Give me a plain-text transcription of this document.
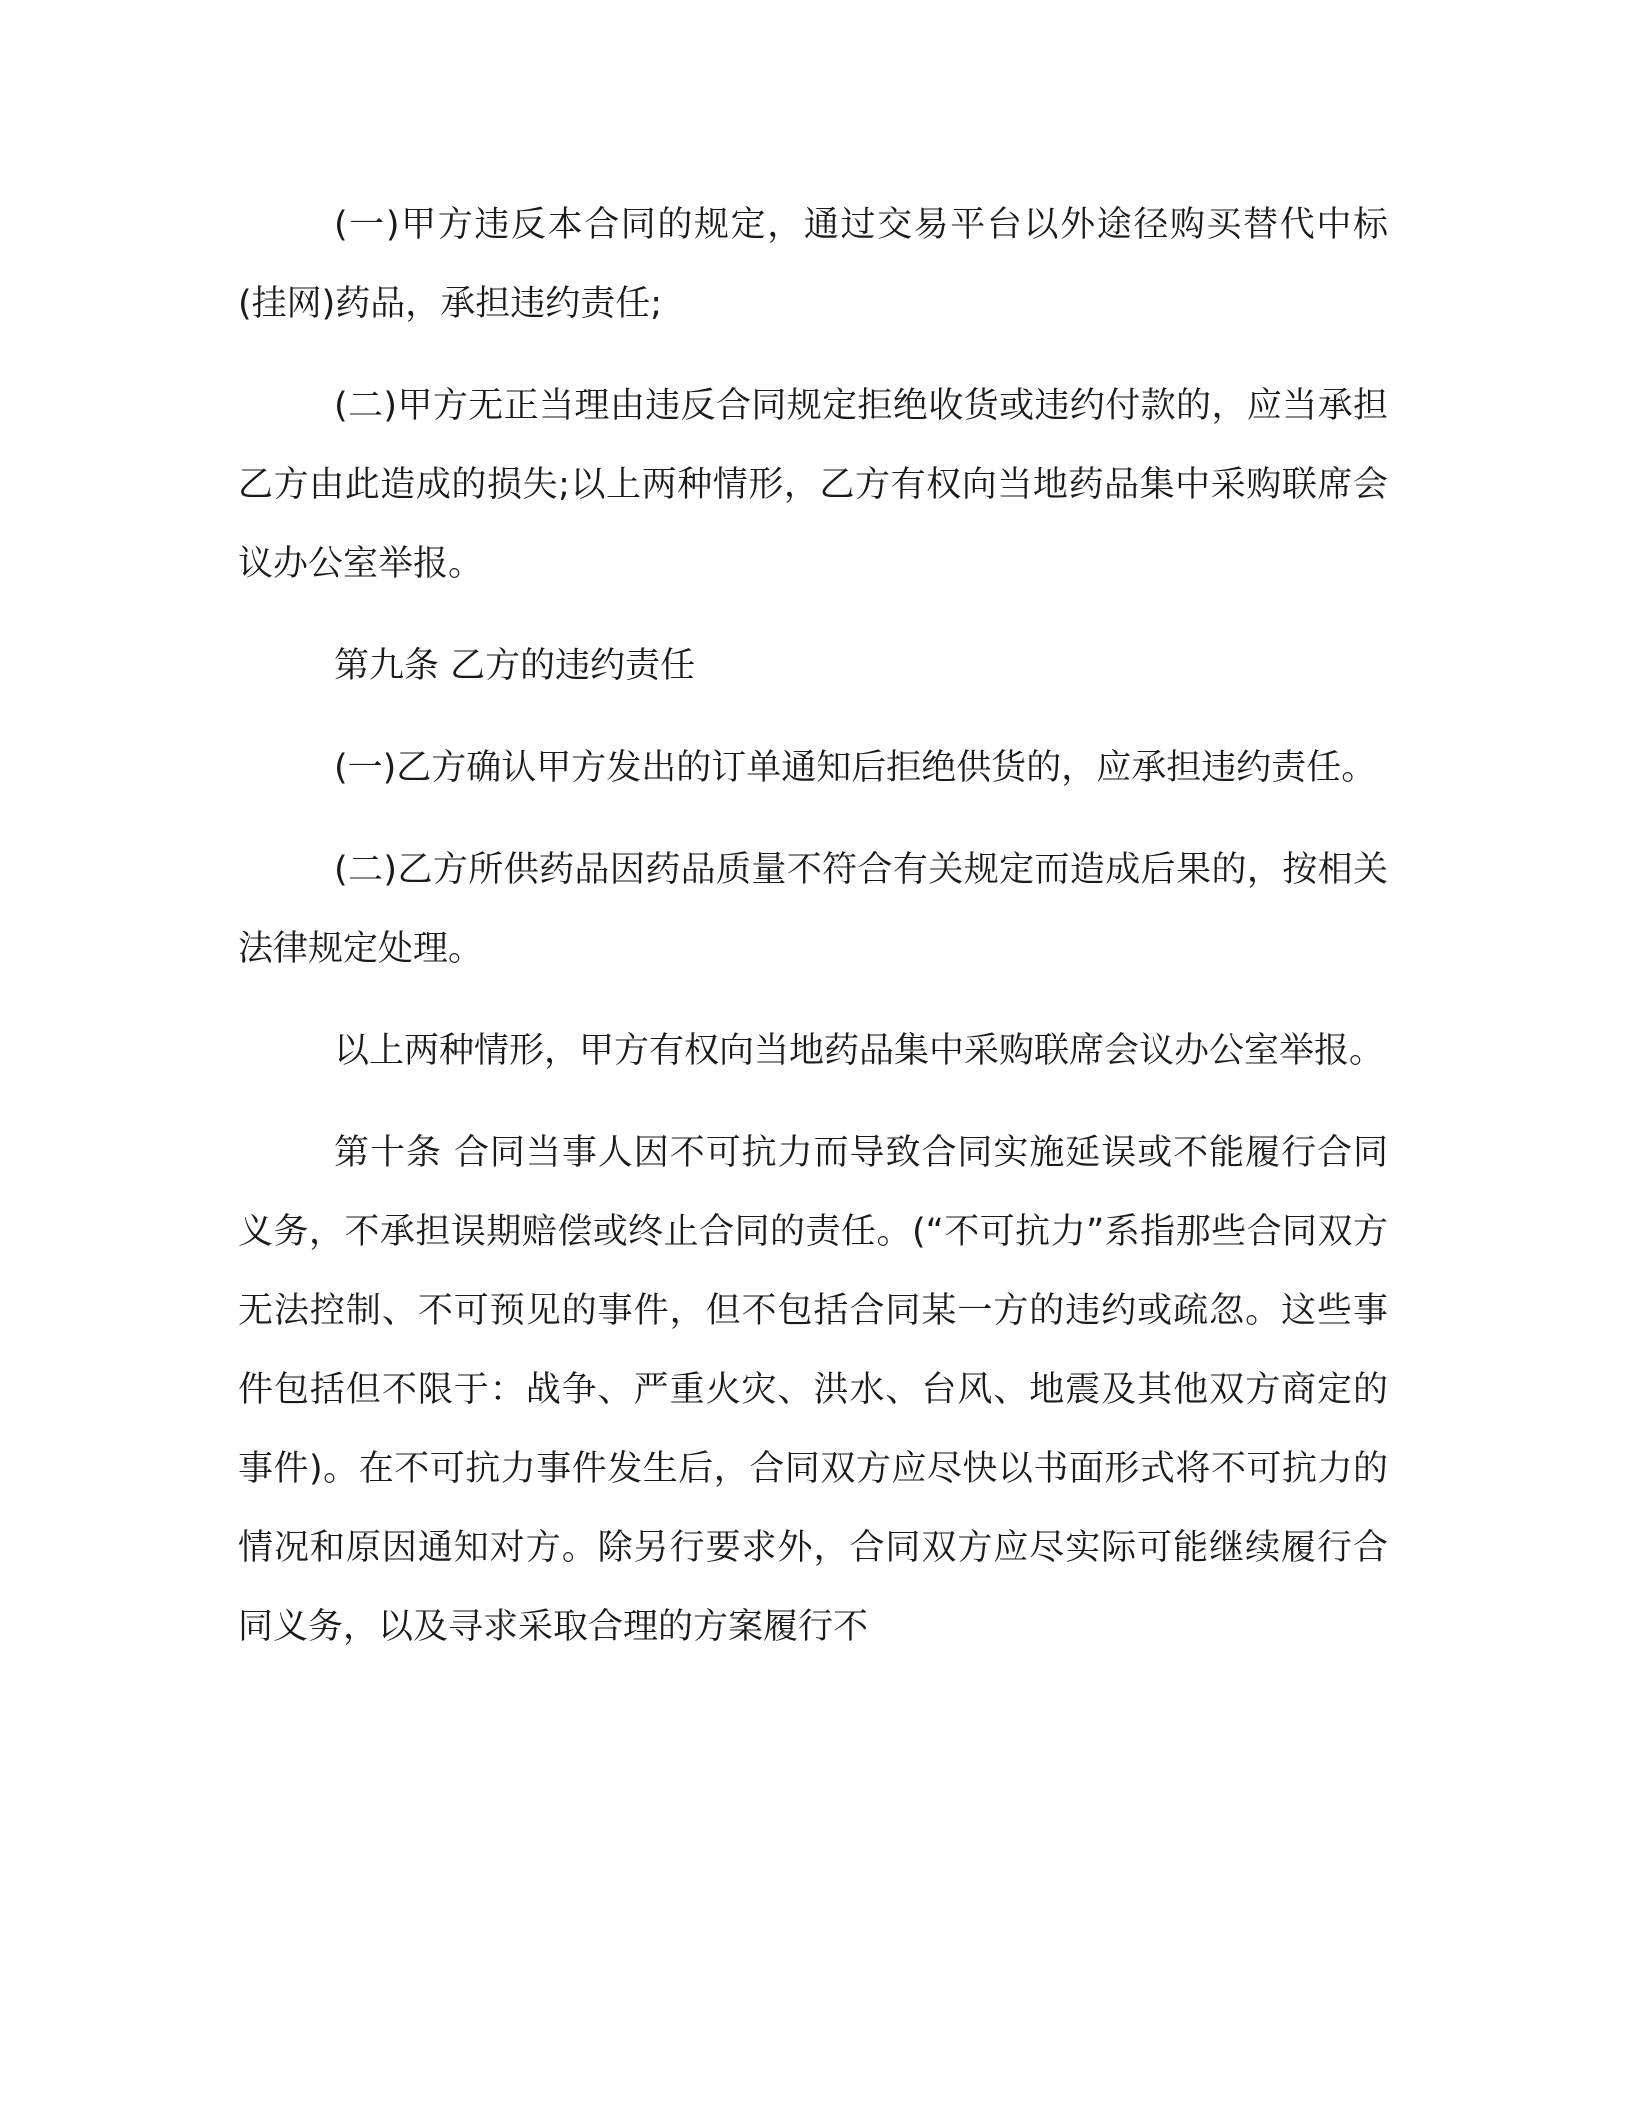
(一)甲方违反本合同的规定，通过交易平台以外途径购买替代中标(挂网)药品，承担违约责任;

(二)甲方无正当理由违反合同规定拒绝收货或违约付款的，应当承担乙方由此造成的损失;以上两种情形，乙方有权向当地药品集中采购联席会议办公室举报。

第九条 乙方的违约责任

(一)乙方确认甲方发出的订单通知后拒绝供货的，应承担违约责任。

(二)乙方所供药品因药品质量不符合有关规定而造成后果的，按相关法律规定处理。

以上两种情形，甲方有权向当地药品集中采购联席会议办公室举报。

第十条 合同当事人因不可抗力而导致合同实施延误或不能履行合同义务，不承担误期赔偿或终止合同的责任。(“不可抗力”系指那些合同双方无法控制、不可预见的事件，但不包括合同某一方的违约或疏忽。这些事件包括但不限于：战争、严重火灾、洪水、台风、地震及其他双方商定的事件)。在不可抗力事件发生后，合同双方应尽快以书面形式将不可抗力的情况和原因通知对方。除另行要求外，合同双方应尽实际可能继续履行合同义务，以及寻求采取合理的方案履行不
